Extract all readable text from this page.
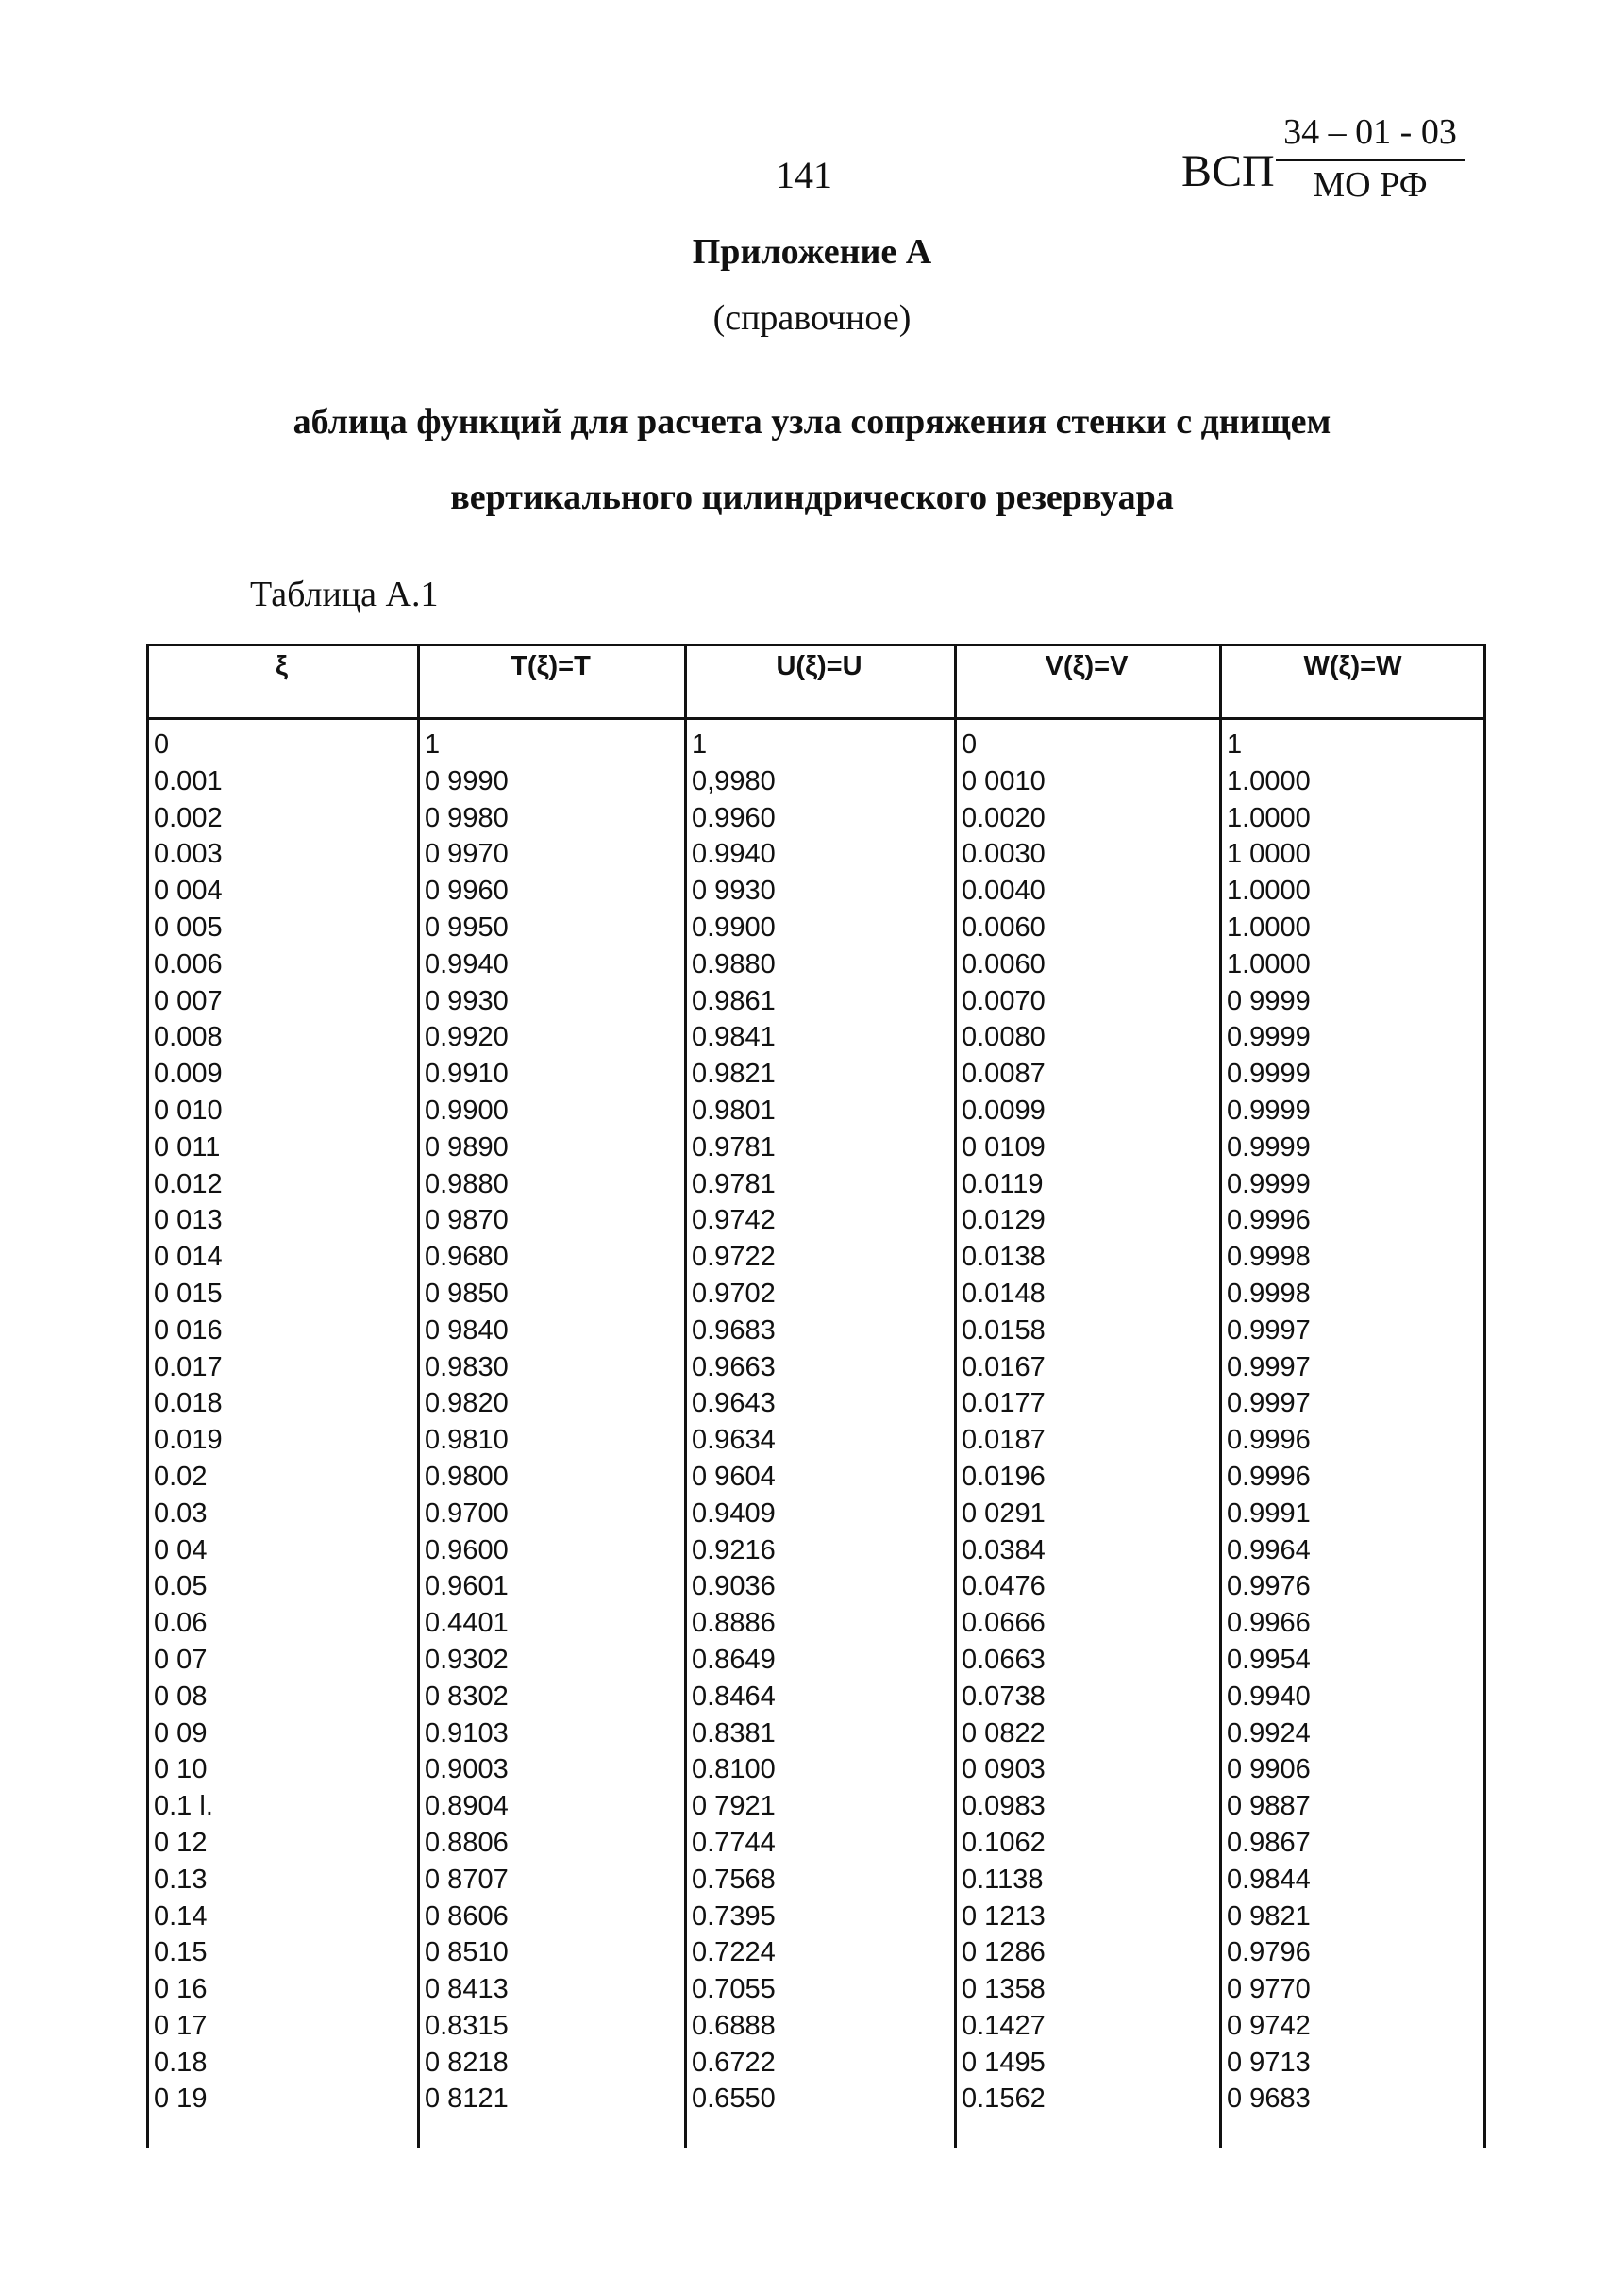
141	ВСП
34 – 01 - 03
МО РФ
Приложение А
(справочное)
аблица функций для расчета узла сопряжения стенки с днищем
вертикального цилиндрического резервуара
Таблица А.1
ξ	T(ξ)=T	U(ξ)=U	V(ξ)=V	W(ξ)=W
0	1	1	0	1
0.001	0 9990	0,9980	0 0010	1.0000
0.002	0 9980	0.9960	0.0020	1.0000
0.003	0 9970	0.9940	0.0030	1 0000
0 004	0 9960	0 9930	0.0040	1.0000
0 005	0 9950	0.9900	0.0060	1.0000
0.006	0.9940	0.9880	0.0060	1.0000
0 007	0 9930	0.9861	0.0070	0 9999
0.008	0.9920	0.9841	0.0080	0.9999
0.009	0.9910	0.9821	0.0087	0.9999
0 010	0.9900	0.9801	0.0099	0.9999
0 011	0 9890	0.9781	0 0109	0.9999
0.012	0.9880	0.9781	0.0119	0.9999
0 013	0 9870	0.9742	0.0129	0.9996
0 014	0.9680	0.9722	0.0138	0.9998
0 015	0 9850	0.9702	0.0148	0.9998
0 016	0 9840	0.9683	0.0158	0.9997
0.017	0.9830	0.9663	0.0167	0.9997
0.018	0.9820	0.9643	0.0177	0.9997
0.019	0.9810	0.9634	0.0187	0.9996
0.02	0.9800	0 9604	0.0196	0.9996
0.03	0.9700	0.9409	0 0291	0.9991
0 04	0.9600	0.9216	0.0384	0.9964
0.05	0.9601	0.9036	0.0476	0.9976
0.06	0.4401	0.8886	0.0666	0.9966
0 07	0.9302	0.8649	0.0663	0.9954
0 08	0 8302	0.8464	0.0738	0.9940
0 09	0.9103	0.8381	0 0822	0.9924
0 10	0.9003	0.8100	0 0903	0 9906
0.1 l.	0.8904	0 7921	0.0983	0 9887
0 12	0.8806	0.7744	0.1062	0.9867
0.13	0 8707	0.7568	0.1138	0.9844
0.14	0 8606	0.7395	0 1213	0 9821
0.15	0 8510	0.7224	0 1286	0.9796
0 16	0 8413	0.7055	0 1358	0 9770
0 17	0.8315	0.6888	0.1427	0 9742
0.18	0 8218	0.6722	0 1495	0 9713
0 19	0 8121	0.6550	0.1562	0 9683
